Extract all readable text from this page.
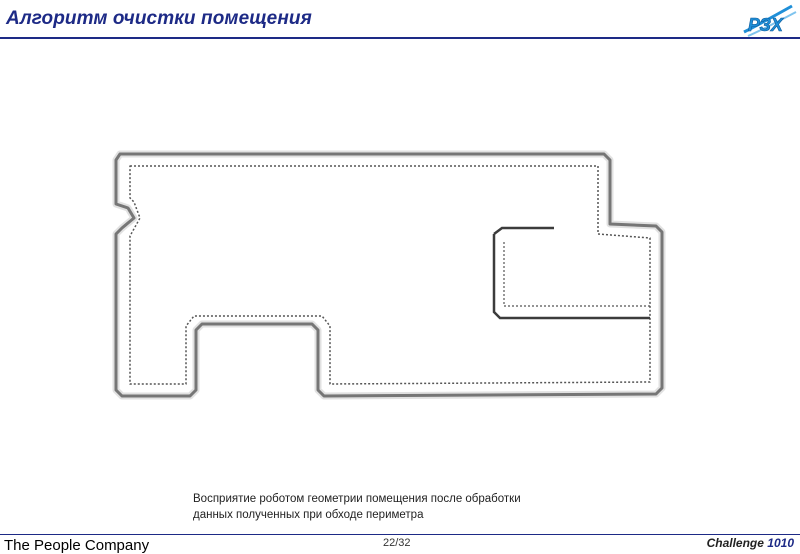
Алгоритм очистки помещения	РЗХ
Восприятие роботом геометрии помещения после обработки
данных полученных при обходе периметра
The People Company	22/32	Challenge 1010
